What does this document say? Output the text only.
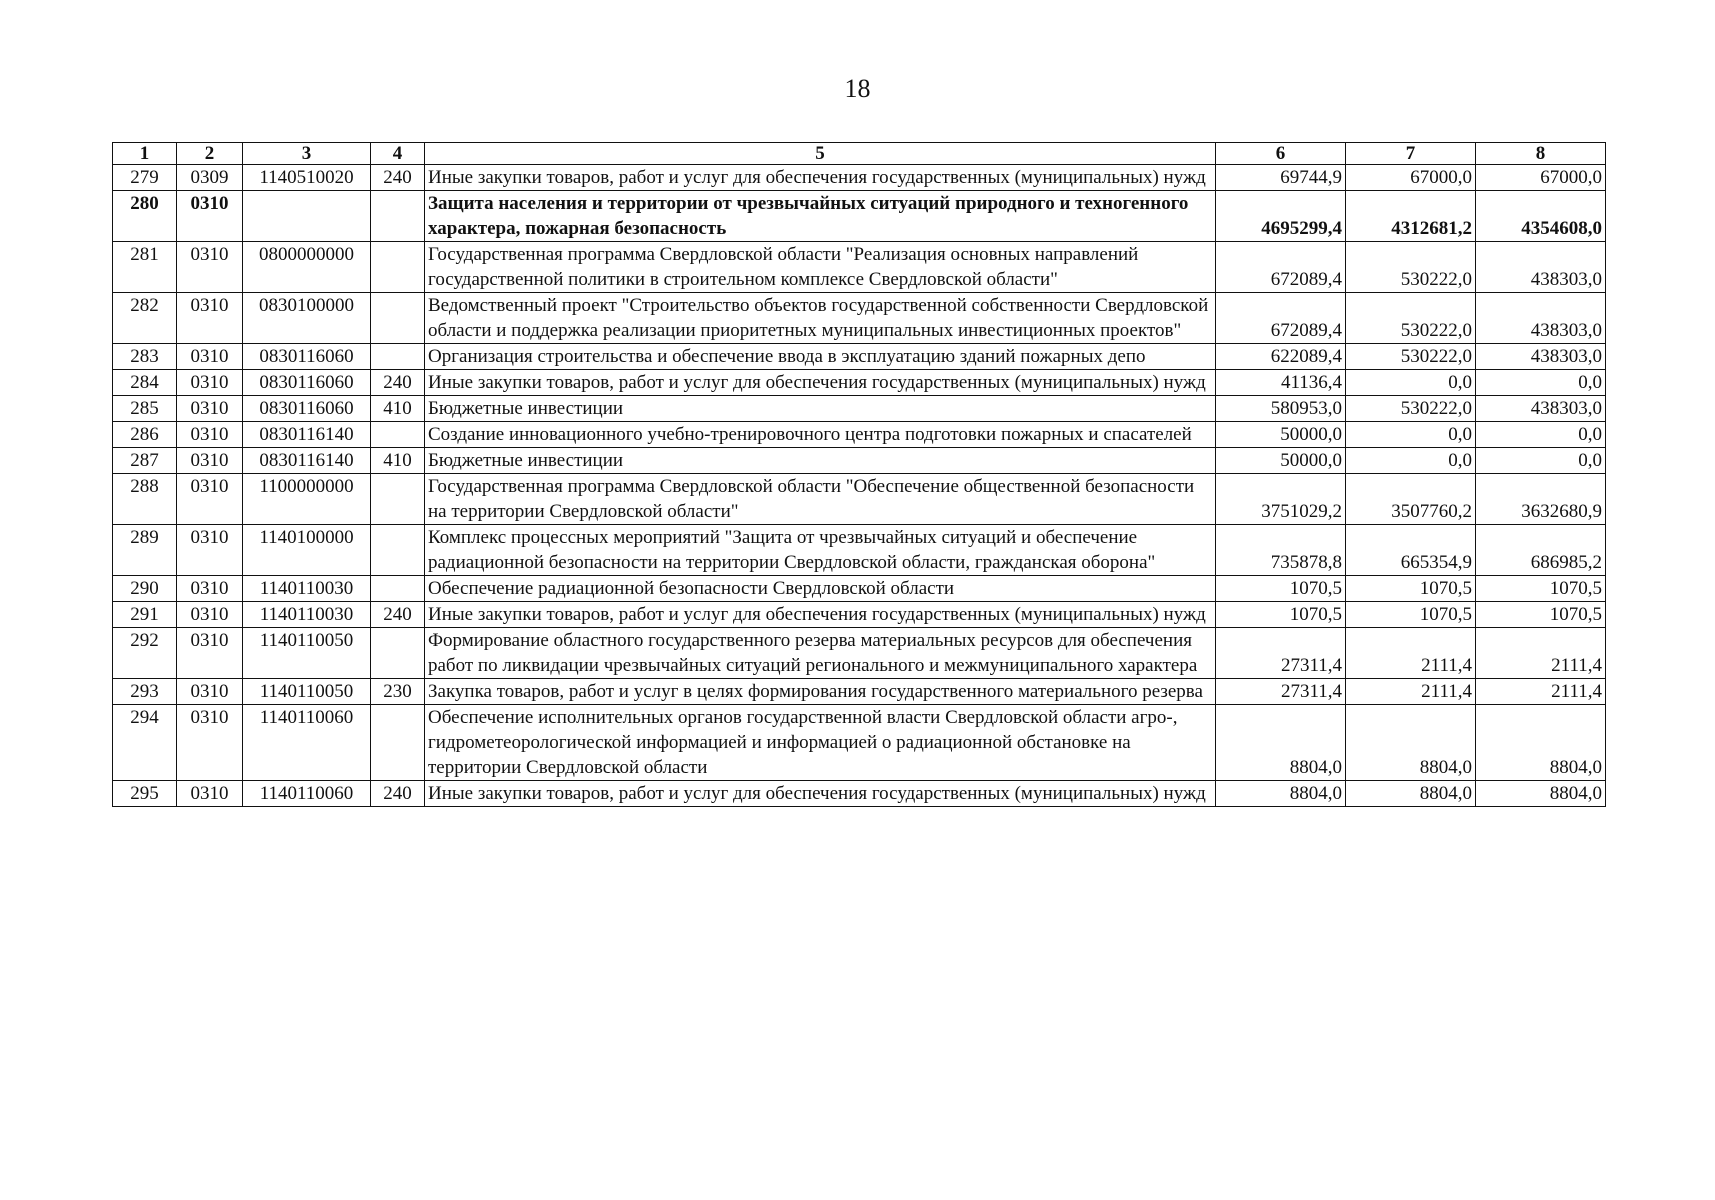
18
1	2	3	4	5	6	7	8
279	0309	1140510020	240	Иные закупки товаров, работ и услуг для обеспечения государственных (муниципальных) нужд	69744,9	67000,0	67000,0
280	0310			Защита населения и территории от чрезвычайных ситуаций природного и техногенного характера, пожарная безопасность	4695299,4	4312681,2	4354608,0
281	0310	0800000000		Государственная программа Свердловской области "Реализация основных направлений государственной политики в строительном комплексе Свердловской области"	672089,4	530222,0	438303,0
282	0310	0830100000		Ведомственный проект "Строительство объектов государственной собственности Свердловской области и поддержка реализации приоритетных муниципальных инвестиционных проектов"	672089,4	530222,0	438303,0
283	0310	0830116060		Организация строительства и обеспечение ввода в эксплуатацию зданий пожарных депо	622089,4	530222,0	438303,0
284	0310	0830116060	240	Иные закупки товаров, работ и услуг для обеспечения государственных (муниципальных) нужд	41136,4	0,0	0,0
285	0310	0830116060	410	Бюджетные инвестиции	580953,0	530222,0	438303,0
286	0310	0830116140		Создание инновационного учебно-тренировочного центра подготовки пожарных и спасателей	50000,0	0,0	0,0
287	0310	0830116140	410	Бюджетные инвестиции	50000,0	0,0	0,0
288	0310	1100000000		Государственная программа Свердловской области "Обеспечение общественной безопасности на территории Свердловской области"	3751029,2	3507760,2	3632680,9
289	0310	1140100000		Комплекс процессных мероприятий "Защита от чрезвычайных ситуаций и обеспечение радиационной безопасности на территории Свердловской области, гражданская оборона"	735878,8	665354,9	686985,2
290	0310	1140110030		Обеспечение радиационной безопасности Свердловской области	1070,5	1070,5	1070,5
291	0310	1140110030	240	Иные закупки товаров, работ и услуг для обеспечения государственных (муниципальных) нужд	1070,5	1070,5	1070,5
292	0310	1140110050		Формирование областного государственного резерва материальных ресурсов для обеспечения работ по ликвидации чрезвычайных ситуаций регионального и межмуниципального характера	27311,4	2111,4	2111,4
293	0310	1140110050	230	Закупка товаров, работ и услуг в целях формирования государственного материального резерва	27311,4	2111,4	2111,4
294	0310	1140110060		Обеспечение исполнительных органов государственной власти Свердловской области агро-, гидрометеорологической информацией и информацией о радиационной обстановке на территории Свердловской области	8804,0	8804,0	8804,0
295	0310	1140110060	240	Иные закупки товаров, работ и услуг для обеспечения государственных (муниципальных) нужд	8804,0	8804,0	8804,0
